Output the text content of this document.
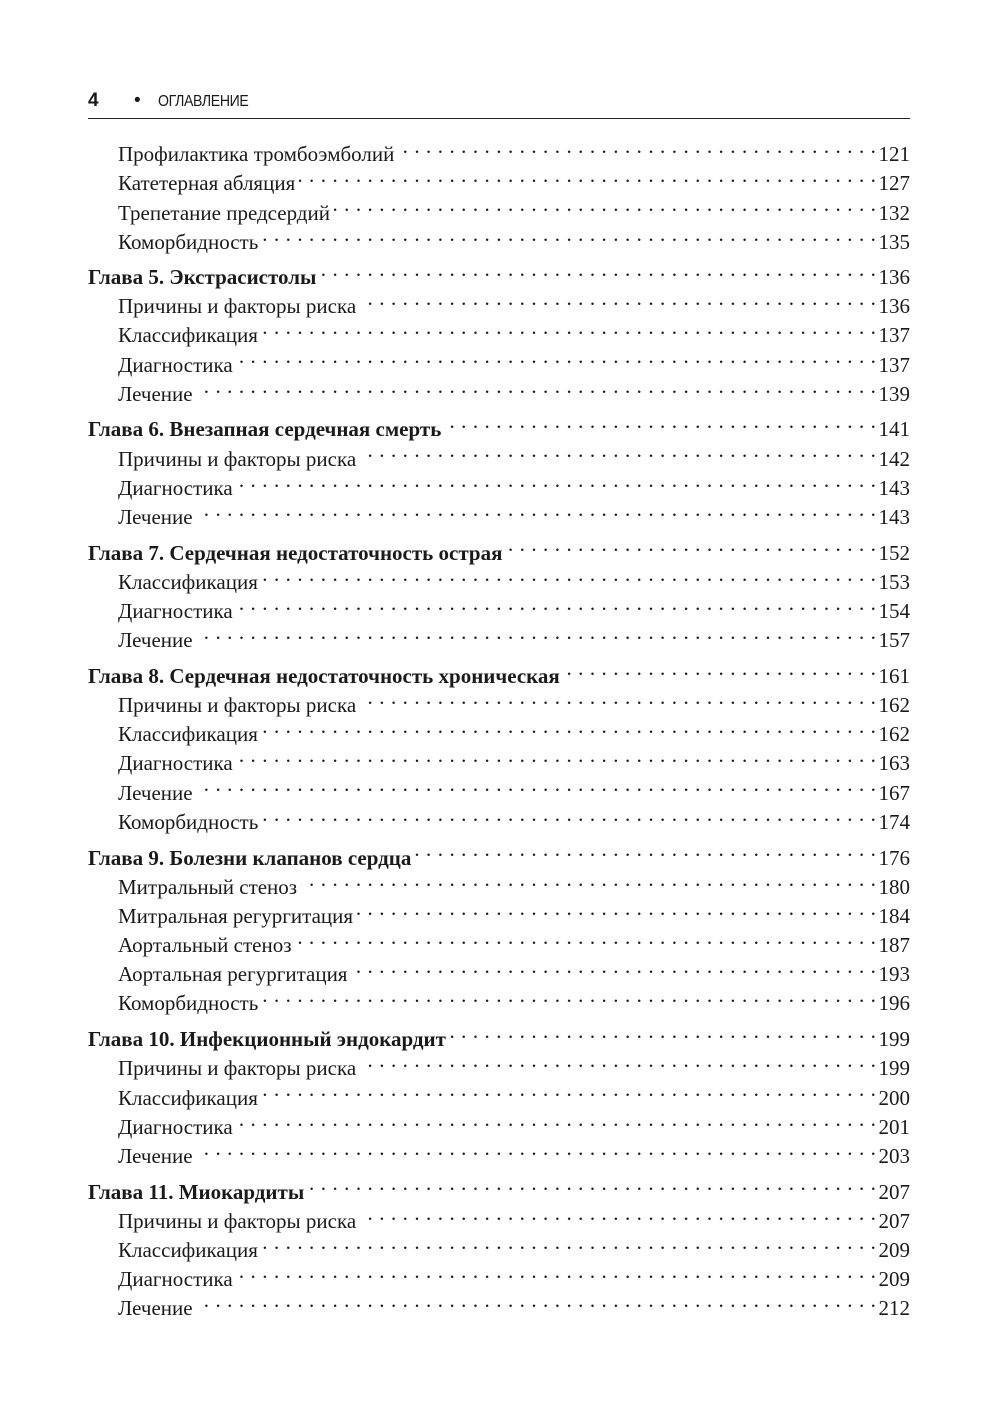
4 • ОГЛАВЛЕНИЕ
Профилактика тромбоэмболий . . .	121
Катетерная абляция . . .	127
Трепетание предсердий . . .	132
Коморбидность . . .	135
Глава 5. Экстрасистолы . . .	136
Причины и факторы риска . . .	136
Классификация . . .	137
Диагностика . . .	137
Лечение . . .	139
Глава 6. Внезапная сердечная смерть . . .	141
Причины и факторы риска . . .	142
Диагностика . . .	143
Лечение . . .	143
Глава 7. Сердечная недостаточность острая . . .	152
Классификация . . .	153
Диагностика . . .	154
Лечение . . .	157
Глава 8. Сердечная недостаточность хроническая . . .	161
Причины и факторы риска . . .	162
Классификация . . .	162
Диагностика . . .	163
Лечение . . .	167
Коморбидность . . .	174
Глава 9. Болезни клапанов сердца . . .	176
Митральный стеноз . . .	180
Митральная регургитация . . .	184
Аортальный стеноз . . .	187
Аортальная регургитация . . .	193
Коморбидность . . .	196
Глава 10. Инфекционный эндокардит . . .	199
Причины и факторы риска . . .	199
Классификация . . .	200
Диагностика . . .	201
Лечение . . .	203
Глава 11. Миокардиты . . .	207
Причины и факторы риска . . .	207
Классификация . . .	209
Диагностика . . .	209
Лечение . . .	212
